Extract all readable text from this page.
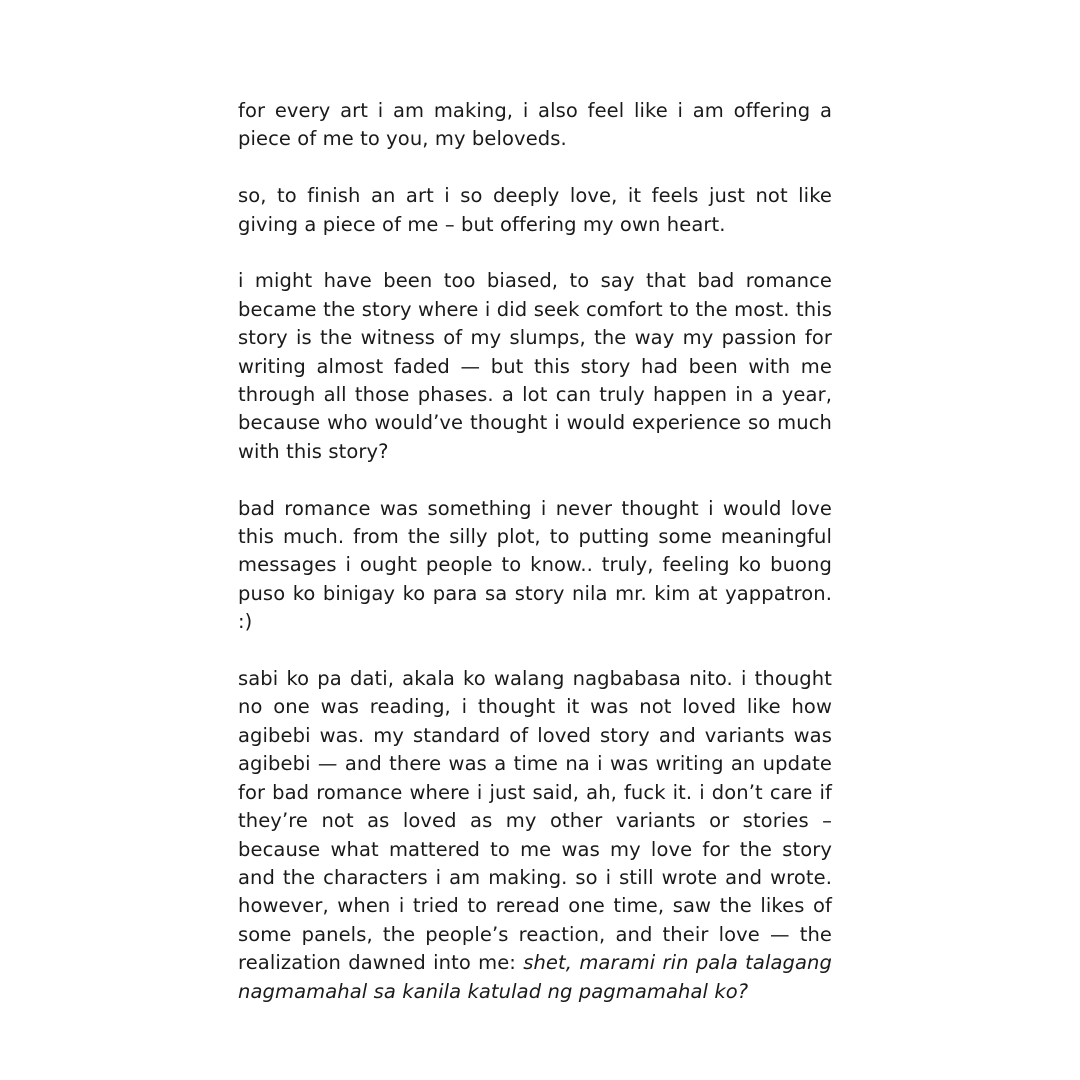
for every art i am making, i also feel like i am offering a piece of me to you, my beloveds.

so, to finish an art i so deeply love, it feels just not like giving a piece of me – but offering my own heart.

i might have been too biased, to say that bad romance became the story where i did seek comfort to the most. this story is the witness of my slumps, the way my passion for writing almost faded — but this story had been with me through all those phases. a lot can truly happen in a year, because who would’ve thought i would experience so much with this story?

bad romance was something i never thought i would love this much. from the silly plot, to putting some meaningful messages i ought people to know.. truly, feeling ko buong puso ko binigay ko para sa story nila mr. kim at yappatron. :)

sabi ko pa dati, akala ko walang nagbabasa nito. i thought no one was reading, i thought it was not loved like how agibebi was. my standard of loved story and variants was agibebi — and there was a time na i was writing an update for bad romance where i just said, ah, fuck it. i don’t care if they’re not as loved as my other variants or stories – because what mattered to me was my love for the story and the characters i am making. so i still wrote and wrote. however, when i tried to reread one time, saw the likes of some panels, the people’s reaction, and their love — the realization dawned into me: shet, marami rin pala talagang nagmamahal sa kanila katulad ng pagmamahal ko?
